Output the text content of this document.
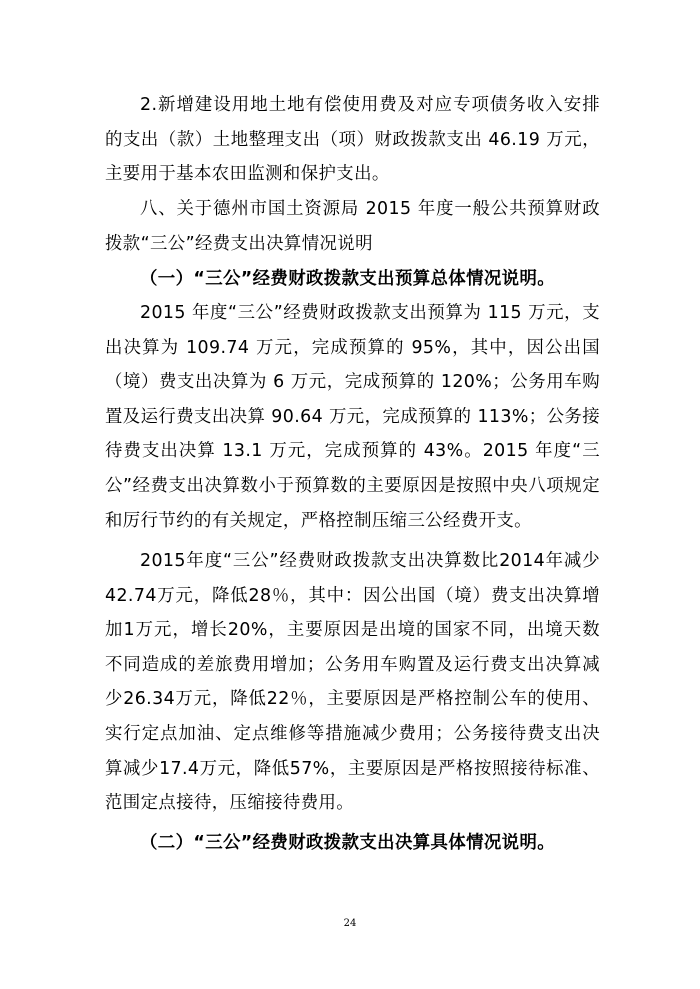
2.新增建设用地土地有偿使用费及对应专项债务收入安排的支出（款）土地整理支出（项）财政拨款支出 46.19 万元，主要用于基本农田监测和保护支出。

八、关于德州市国土资源局 2015 年度一般公共预算财政拨款“三公”经费支出决算情况说明

（一）“三公”经费财政拨款支出预算总体情况说明。

2015 年度“三公”经费财政拨款支出预算为 115 万元，支出决算为 109.74 万元，完成预算的 95%，其中，因公出国（境）费支出决算为 6 万元，完成预算的 120%；公务用车购置及运行费支出决算 90.64 万元，完成预算的 113%；公务接待费支出决算 13.1 万元，完成预算的 43%。2015 年度“三公”经费支出决算数小于预算数的主要原因是按照中央八项规定和厉行节约的有关规定，严格控制压缩三公经费开支。

2015年度“三公”经费财政拨款支出决算数比2014年减少42.74万元，降低28％，其中：因公出国（境）费支出决算增加1万元，增长20%，主要原因是出境的国家不同，出境天数不同造成的差旅费用增加；公务用车购置及运行费支出决算减少26.34万元，降低22％，主要原因是严格控制公车的使用、实行定点加油、定点维修等措施减少费用；公务接待费支出决算减少17.4万元，降低57%，主要原因是严格按照接待标准、范围定点接待，压缩接待费用。

（二）“三公”经费财政拨款支出决算具体情况说明。

24
